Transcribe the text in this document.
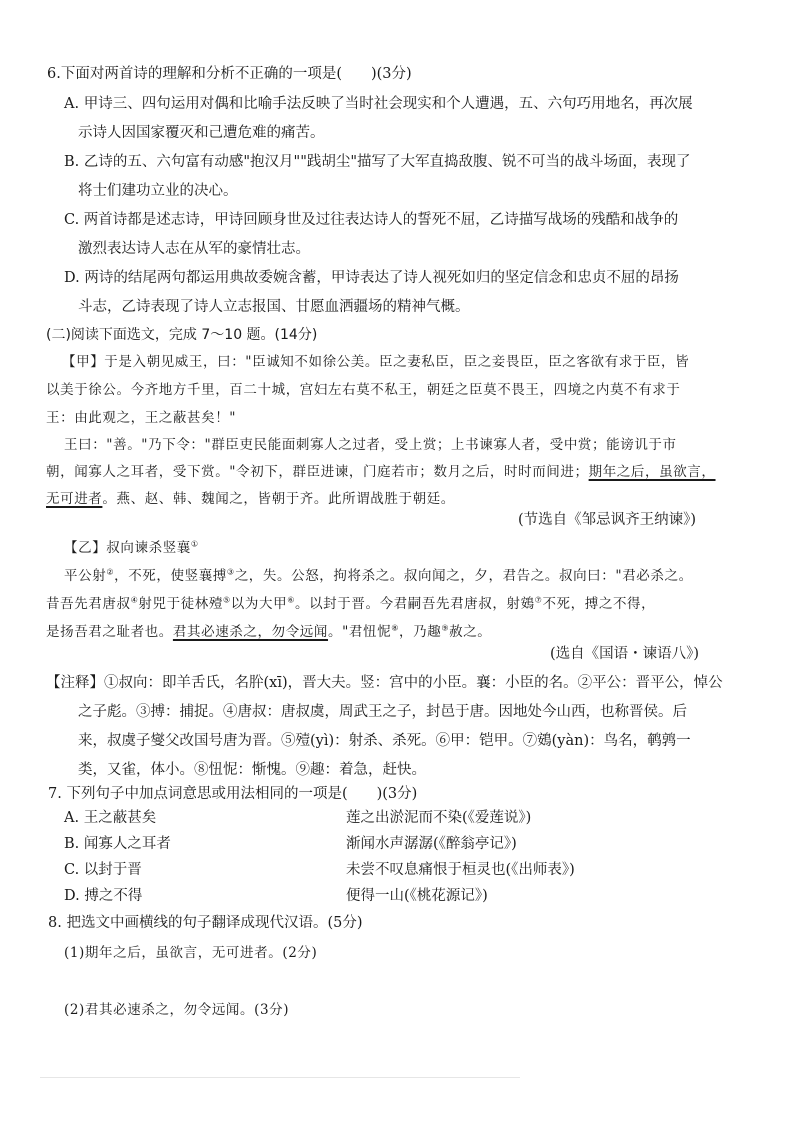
6.下面对两首诗的理解和分析不正确的一项是(　　)(3分)
A. 甲诗三、四句运用对偶和比喻手法反映了当时社会现实和个人遭遇，五、六句巧用地名，再次展
示诗人因国家覆灭和己遭危难的痛苦。
B. 乙诗的五、六句富有动感"抱汉月""践胡尘"描写了大军直捣敌腹、锐不可当的战斗场面，表现了
将士们建功立业的决心。
C. 两首诗都是述志诗，甲诗回顾身世及过往表达诗人的誓死不屈，乙诗描写战场的残酷和战争的
激烈表达诗人志在从军的豪情壮志。
D. 两诗的结尾两句都运用典故委婉含蓄，甲诗表达了诗人视死如归的坚定信念和忠贞不屈的昂扬
斗志，乙诗表现了诗人立志报国、甘愿血洒疆场的精神气概。
(二)阅读下面选文，完成 7～10 题。(14分)
【甲】于是入朝见威王，曰："臣诚知不如徐公美。臣之妻私臣，臣之妾畏臣，臣之客欲有求于臣，皆
以美于徐公。今齐地方千里，百二十城，宫妇左右莫不私王，朝廷之臣莫不畏王，四境之内莫不有求于
王：由此观之，王之蔽甚矣！"
王曰："善。"乃下令："群臣吏民能面刺寡人之过者，受上赏；上书谏寡人者，受中赏；能谤讥于市
朝，闻寡人之耳者，受下赏。"令初下，群臣进谏，门庭若市；数月之后，时时而间进；期年之后，虽欲言，
无可进者。燕、赵、韩、魏闻之，皆朝于齐。此所谓战胜于朝廷。
(节选自《邹忌讽齐王纳谏》)
【乙】叔向谏杀竖襄①
平公射②，不死，使竖襄搏③之，失。公怒，拘将杀之。叔向闻之，夕，君告之。叔向曰："君必杀之。
昔吾先君唐叔④射兕于徒林殪⑤以为大甲⑥。以封于晋。今君嗣吾先君唐叔，射鴳⑦不死，搏之不得，
是扬吾君之耻者也。君其必速杀之，勿令远闻。"君忸怩⑧，乃趣⑨赦之。
(选自《国语・谏语八》)
【注释】①叔向：即羊舌氏，名肸(xī)，晋大夫。竖：宫中的小臣。襄：小臣的名。②平公：晋平公，悼公
之子彪。③搏：捕捉。④唐叔：唐叔虞，周武王之子，封邑于唐。因地处今山西，也称晋侯。后
来，叔虞子燮父改国号唐为晋。⑤殪(yì)：射杀、杀死。⑥甲：铠甲。⑦鴳(yàn)：鸟名，鹌鹑一
类，又雀，体小。⑧忸怩：惭愧。⑨趣：着急，赶快。
7. 下列句子中加点词意思或用法相同的一项是(　　)(3分)
A. 王之蔽甚矣	莲之出淤泥而不染(《爱莲说》)
B. 闻寡人之耳者	渐闻水声潺潺(《醉翁亭记》)
C. 以封于晋	未尝不叹息痛恨于桓灵也(《出师表》)
D. 搏之不得	便得一山(《桃花源记》)
8. 把选文中画横线的句子翻译成现代汉语。(5分)
(1)期年之后，虽欲言，无可进者。(2分)
(2)君其必速杀之，勿令远闻。(3分)
